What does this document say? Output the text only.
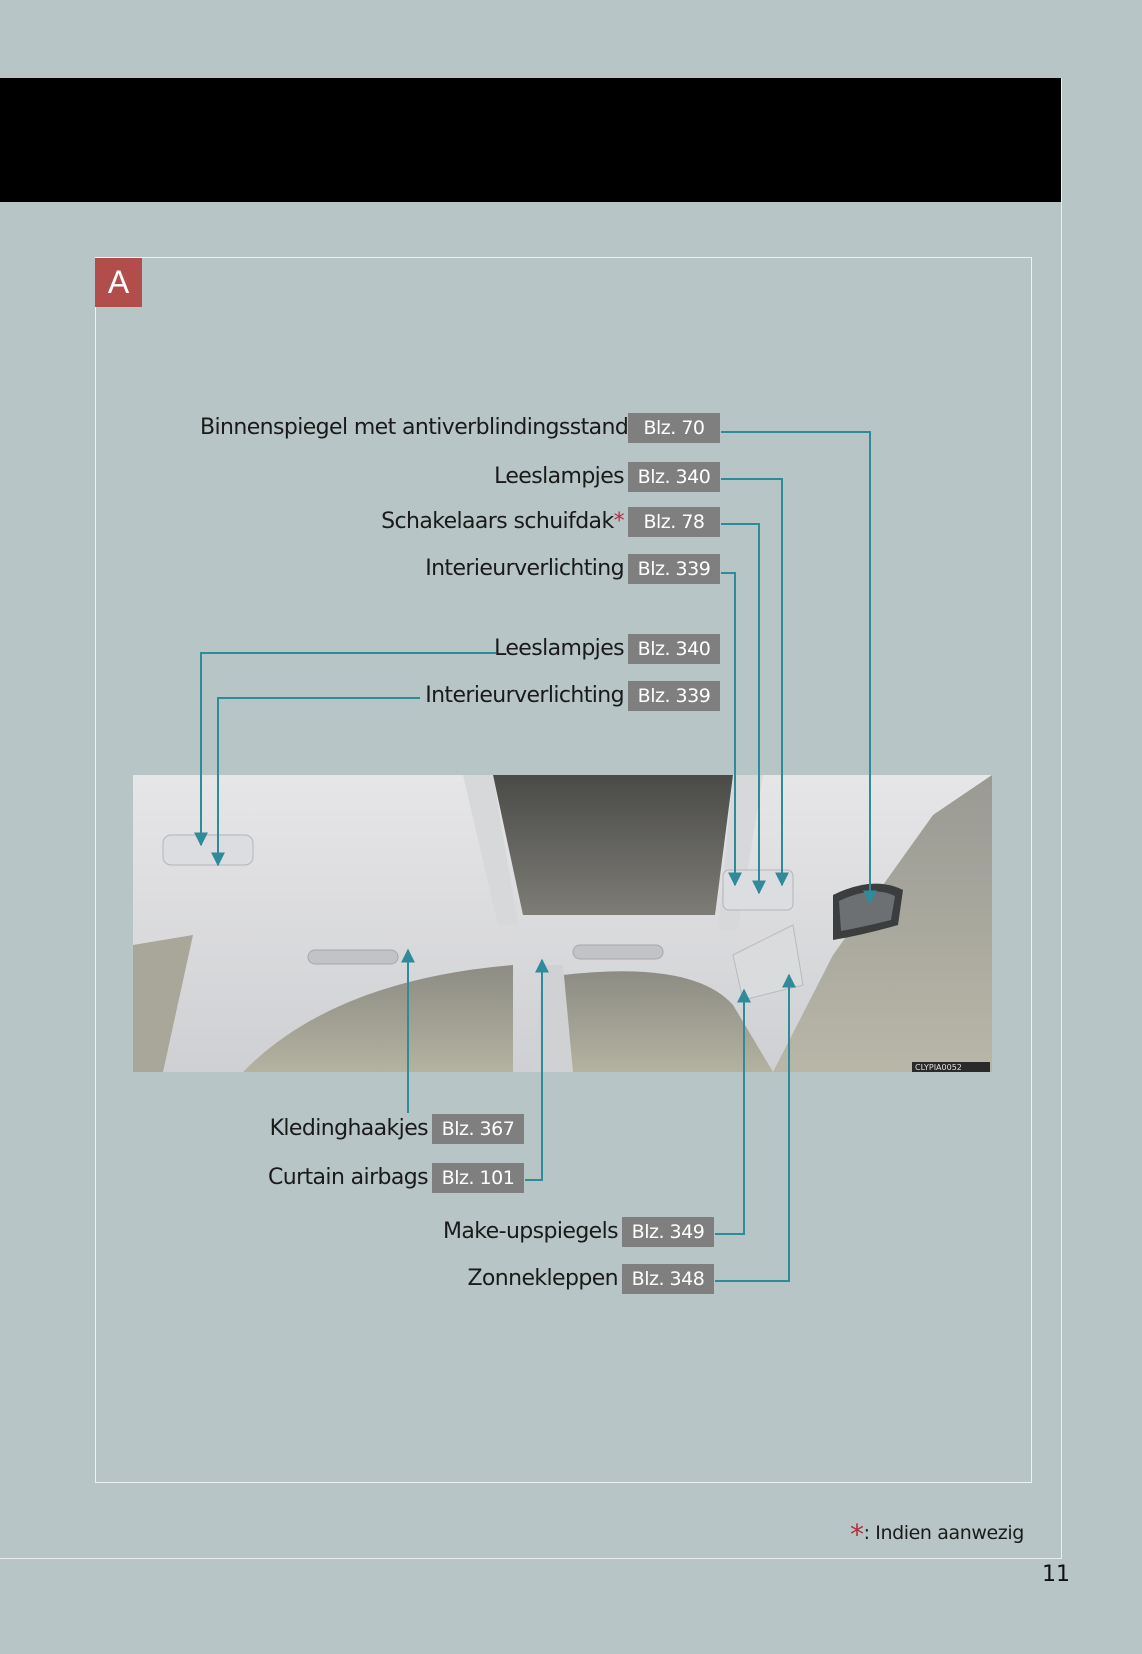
A
Binnenspiegel met antiverblindingsstand Blz. 70
Leeslampjes Blz. 340
Schakelaars schuifdak*	Blz. 78
Interieurverlichting Blz. 339
Leeslampjes Blz. 340
Interieurverlichting Blz. 339
Kledinghaakjes Blz. 367
Curtain airbags Blz. 101
Make-upspiegels Blz. 349
Zonnekleppen Blz. 348
CLYPIA0052
*: Indien aanwezig
11
